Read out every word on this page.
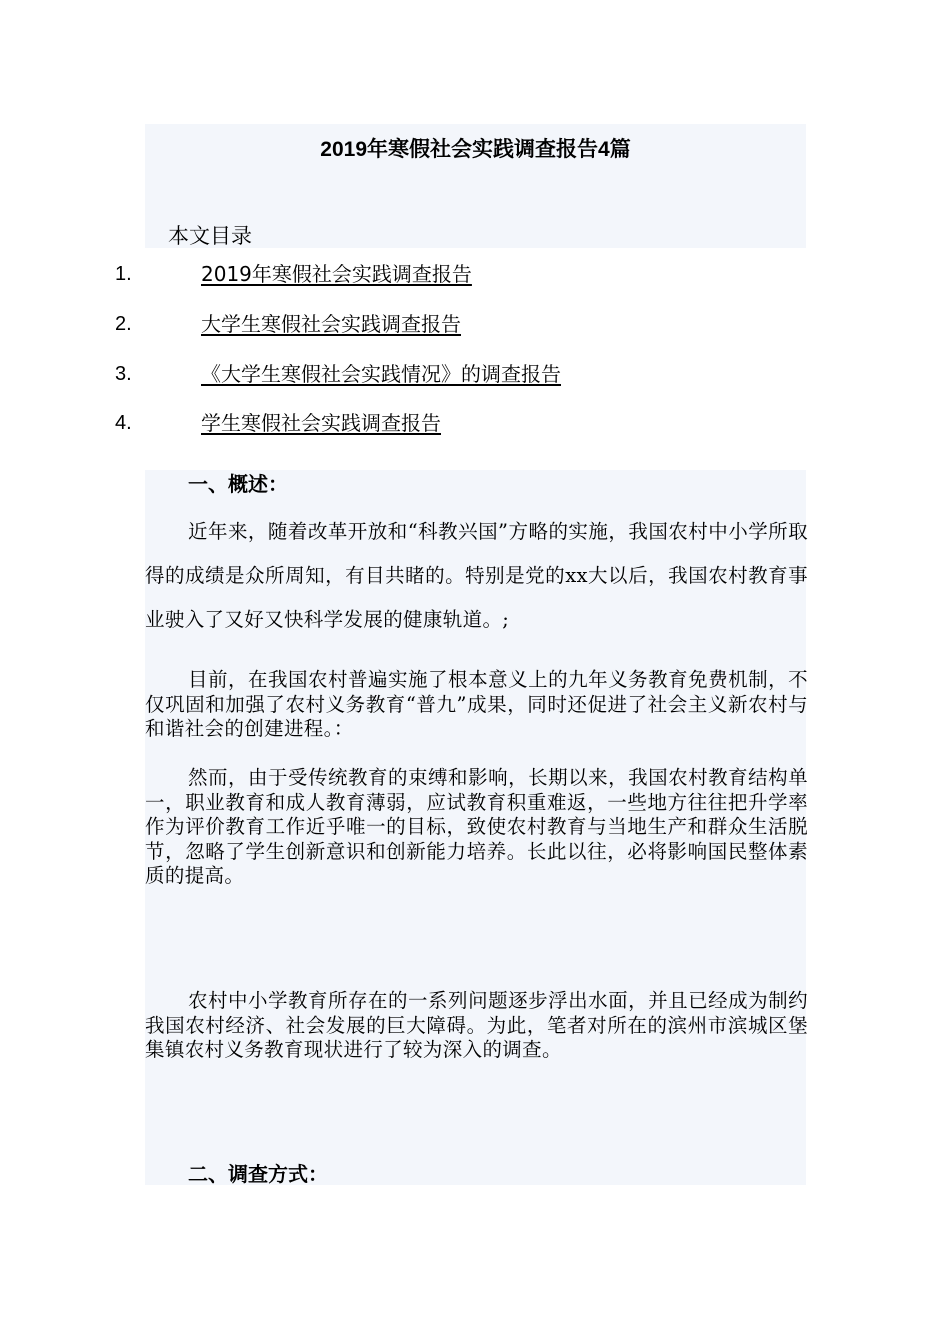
2019年寒假社会实践调查报告4篇
本文目录
1.	2019年寒假社会实践调查报告
2.	大学生寒假社会实践调查报告
3.	《大学生寒假社会实践情况》的调查报告
4.	学生寒假社会实践调查报告
一、概述：

近年来，随着改革开放和“科教兴国”方略的实施，我国农村中小学所取得的成绩是众所周知，有目共睹的。特别是党的xx大以后，我国农村教育事业驶入了又好又快科学发展的健康轨道。;

目前，在我国农村普遍实施了根本意义上的九年义务教育免费机制，不仅巩固和加强了农村义务教育“普九”成果，同时还促进了社会主义新农村与和谐社会的创建进程。：

然而，由于受传统教育的束缚和影响，长期以来，我国农村教育结构单一，职业教育和成人教育薄弱，应试教育积重难返，一些地方往往把升学率作为评价教育工作近乎唯一的目标，致使农村教育与当地生产和群众生活脱节，忽略了学生创新意识和创新能力培养。长此以往，必将影响国民整体素质的提高。

农村中小学教育所存在的一系列问题逐步浮出水面，并且已经成为制约我国农村经济、社会发展的巨大障碍。为此，笔者对所在的滨州市滨城区堡集镇农村义务教育现状进行了较为深入的调查。

二、调查方式：
